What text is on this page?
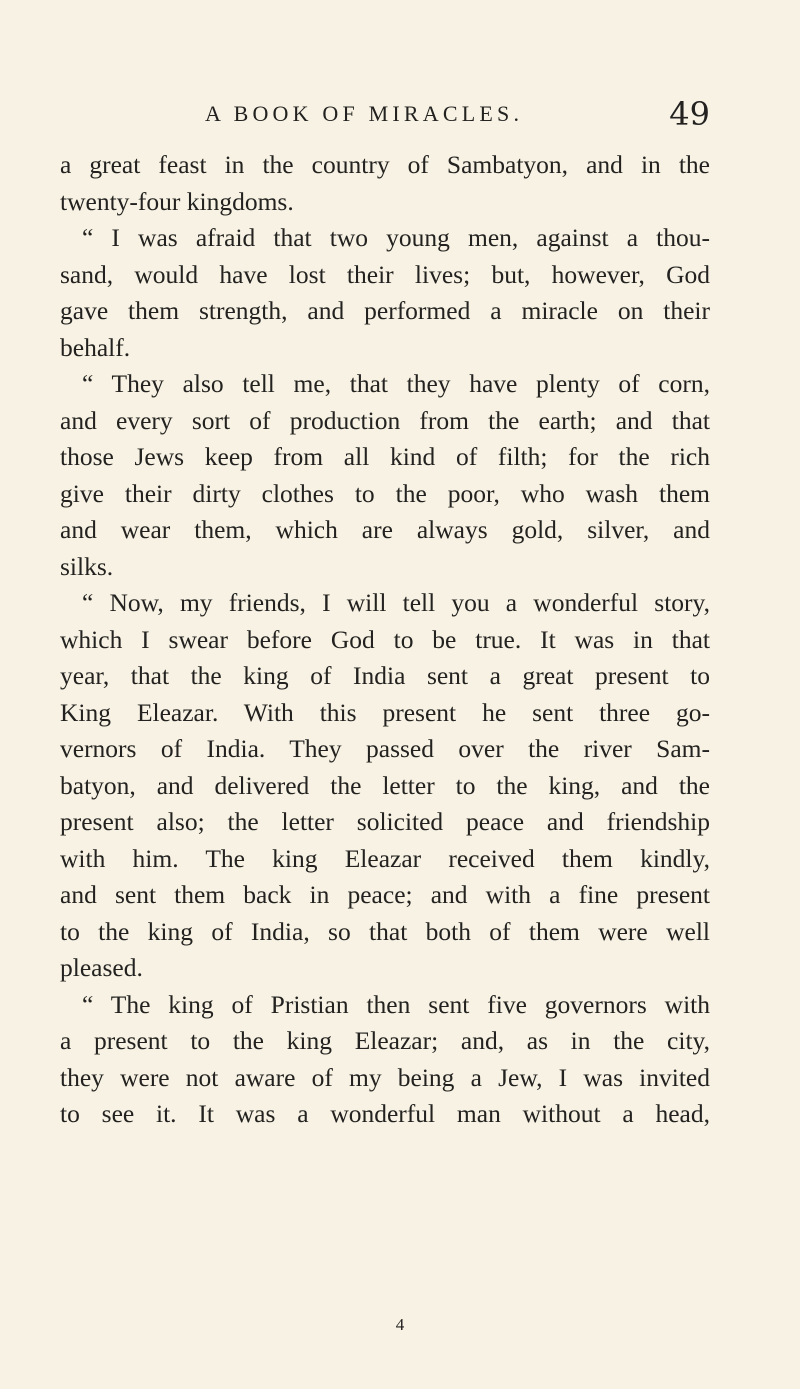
A BOOK OF MIRACLES.	49
a great feast in the country of Sambatyon, and in the
twenty-four kingdoms.
“ I was afraid that two young men, against a thou-
sand, would have lost their lives; but, however, God
gave them strength, and performed a miracle on their
behalf.
“ They also tell me, that they have plenty of corn,
and every sort of production from the earth; and that
those Jews keep from all kind of filth; for the rich
give their dirty clothes to the poor, who wash them
and wear them, which are always gold, silver, and
silks.
“ Now, my friends, I will tell you a wonderful story,
which I swear before God to be true. It was in that
year, that the king of India sent a great present to
King Eleazar. With this present he sent three go-
vernors of India. They passed over the river Sam-
batyon, and delivered the letter to the king, and the
present also; the letter solicited peace and friendship
with him. The king Eleazar received them kindly,
and sent them back in peace; and with a fine present
to the king of India, so that both of them were well
pleased.
“ The king of Pristian then sent five governors with
a present to the king Eleazar; and, as in the city,
they were not aware of my being a Jew, I was invited
to see it. It was a wonderful man without a head,
4
